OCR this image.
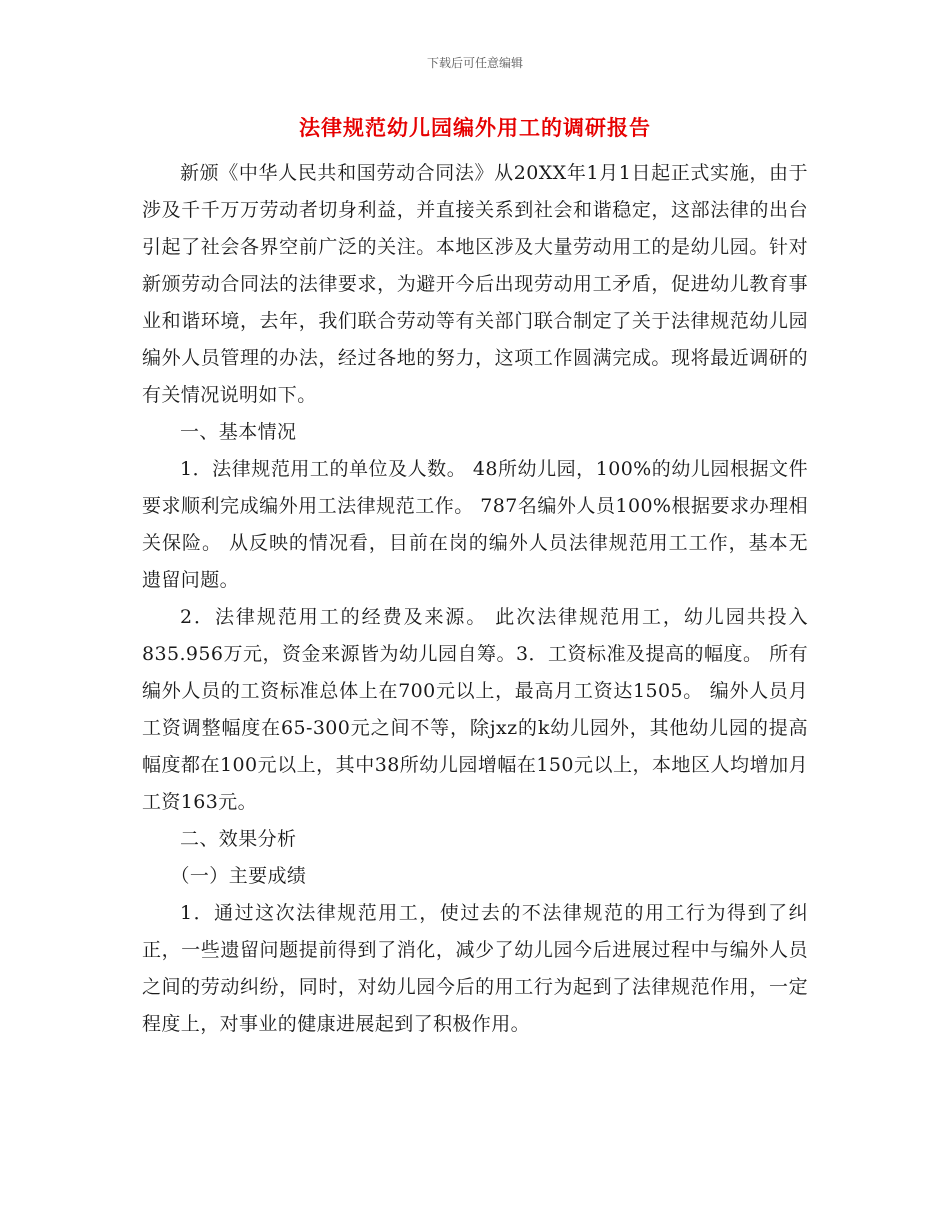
下载后可任意编辑
法律规范幼儿园编外用工的调研报告

新颁《中华人民共和国劳动合同法》从20XX年1月1日起正式实施，由于涉及千千万万劳动者切身利益，并直接关系到社会和谐稳定，这部法律的出台引起了社会各界空前广泛的关注。本地区涉及大量劳动用工的是幼儿园。针对新颁劳动合同法的法律要求，为避开今后出现劳动用工矛盾，促进幼儿教育事业和谐环境，去年，我们联合劳动等有关部门联合制定了关于法律规范幼儿园编外人员管理的办法，经过各地的努力，这项工作圆满完成。现将最近调研的有关情况说明如下。

一、基本情况

1．法律规范用工的单位及人数。 48所幼儿园，100%的幼儿园根据文件要求顺利完成编外用工法律规范工作。 787名编外人员100%根据要求办理相关保险。 从反映的情况看，目前在岗的编外人员法律规范用工工作，基本无遗留问题。

2．法律规范用工的经费及来源。 此次法律规范用工，幼儿园共投入835.956万元，资金来源皆为幼儿园自筹。3．工资标准及提高的幅度。 所有编外人员的工资标准总体上在700元以上，最高月工资达1505。 编外人员月工资调整幅度在65-300元之间不等，除jxz的k幼儿园外，其他幼儿园的提高幅度都在100元以上，其中38所幼儿园增幅在150元以上，本地区人均增加月工资163元。

二、效果分析

（一）主要成绩

1．通过这次法律规范用工，使过去的不法律规范的用工行为得到了纠正，一些遗留问题提前得到了消化，减少了幼儿园今后进展过程中与编外人员之间的劳动纠纷，同时，对幼儿园今后的用工行为起到了法律规范作用，一定程度上，对事业的健康进展起到了积极作用。
